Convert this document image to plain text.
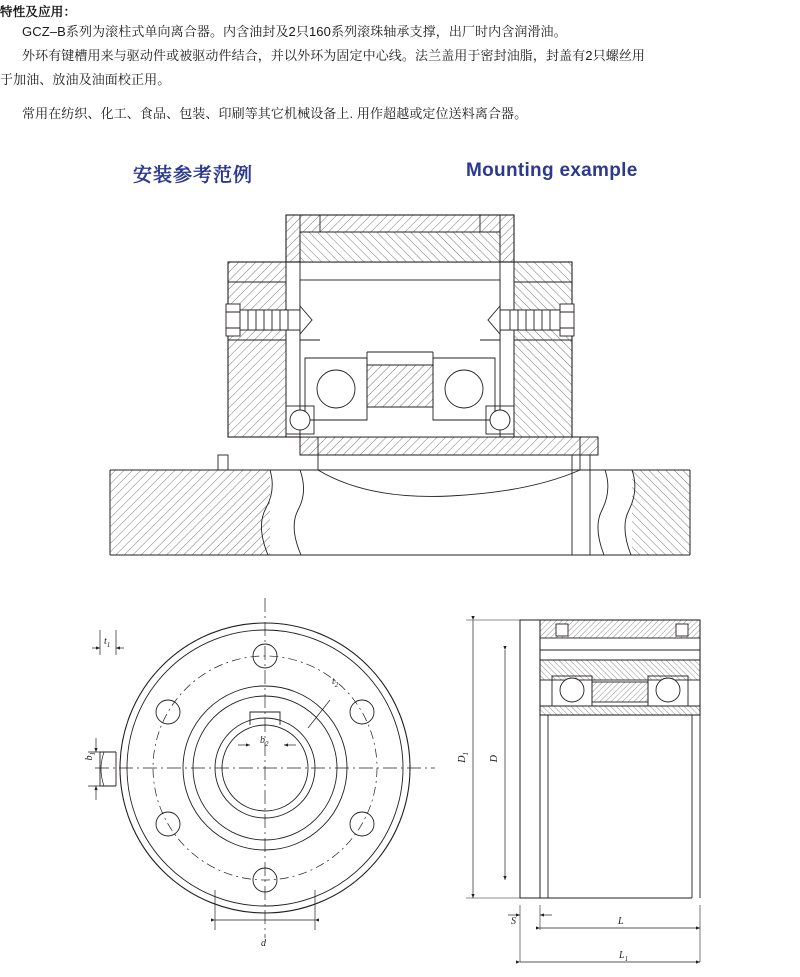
特性及应用：
GCZ–B系列为滚柱式单向离合器。内含油封及2只160系列滚珠轴承支撑，出厂时内含润滑油。
外环有键槽用来与驱动件或被驱动件结合，并以外环为固定中心线。法兰盖用于密封油脂，封盖有2只螺丝用
于加油、放油及油面校正用。
常用在纺织、化工、食品、包装、印刷等其它机械设备上. 用作超越或定位送料离合器。
安装参考范例	Mounting example
$t_1$
$t_2$
$b_1$
$b_2$
d
$D_1$
D
S	L
$L_1$
